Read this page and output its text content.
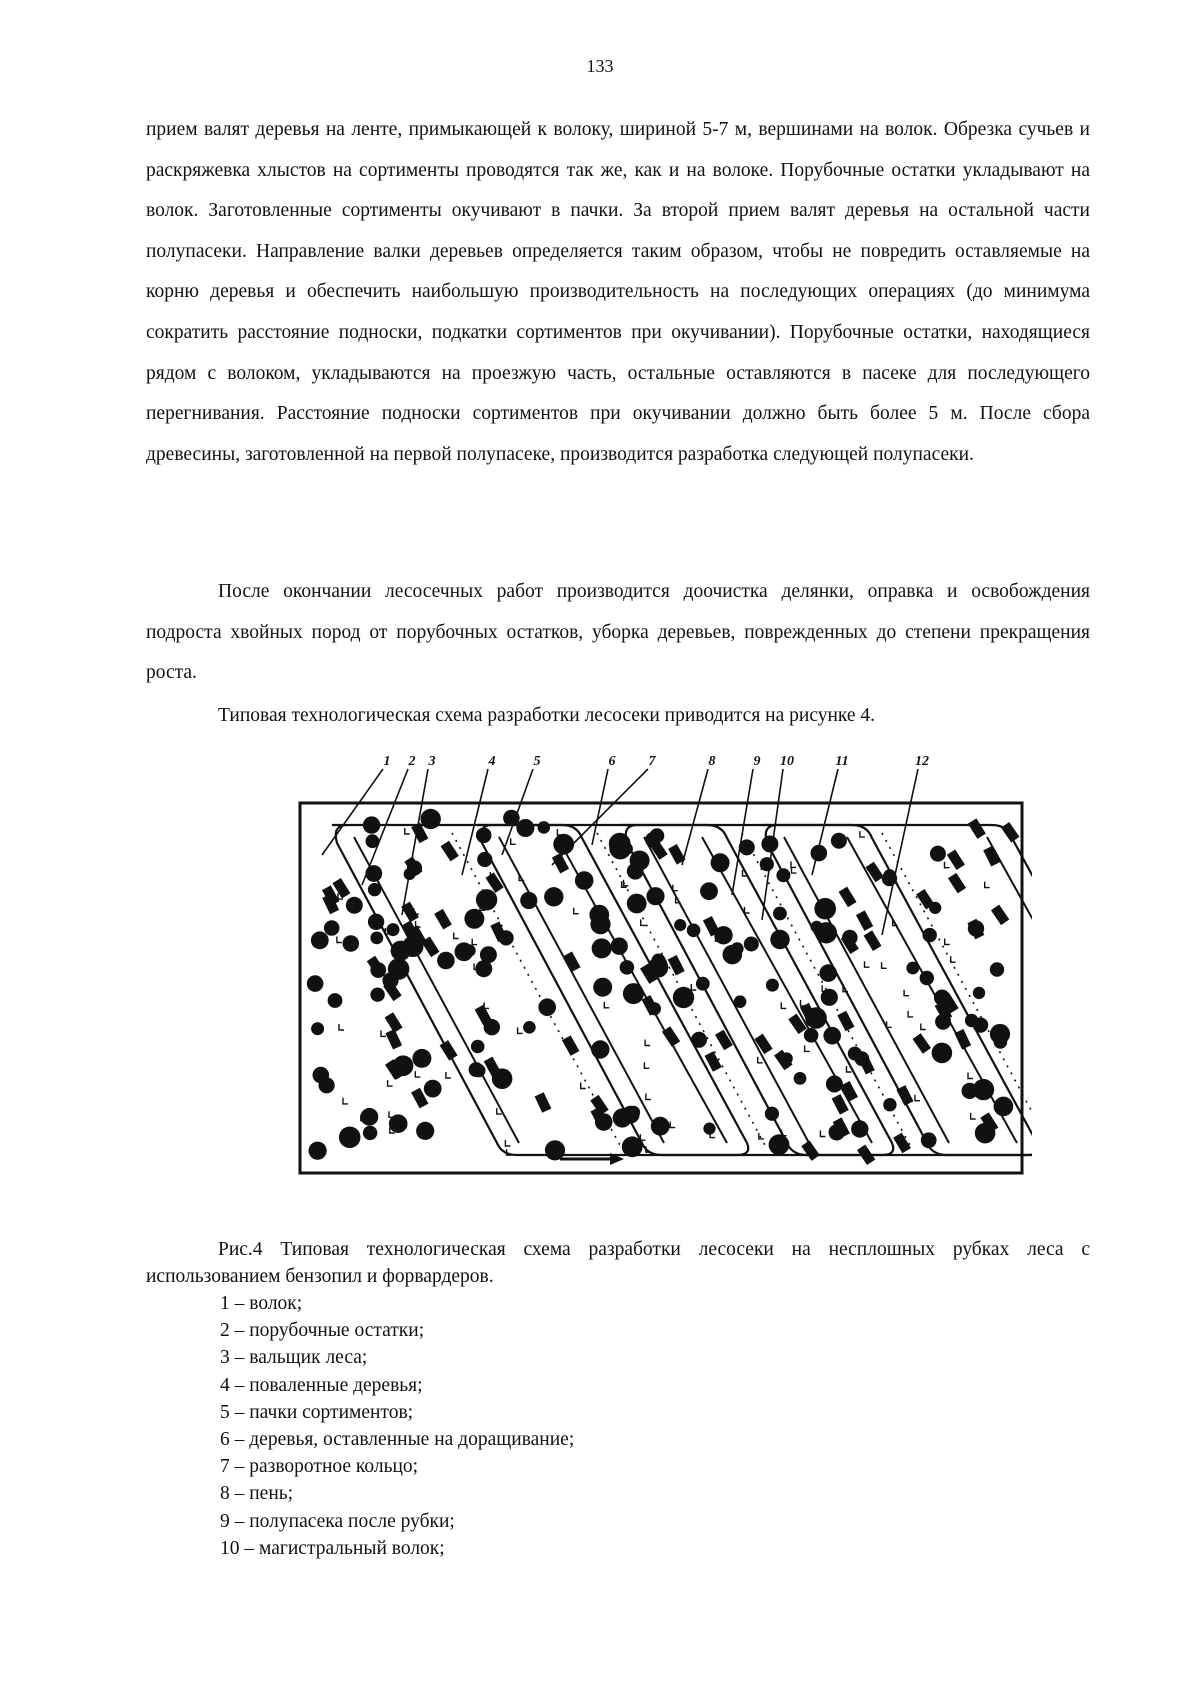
133

прием валят деревья на ленте, примыкающей к волоку, шириной 5-7 м, вершинами на волок. Обрезка сучьев и раскряжевка хлыстов на сортименты проводятся так же, как и на волоке. Порубочные остатки укладывают на волок. Заготовленные сортименты окучивают в пачки. За второй прием валят деревья на остальной части полупасеки. Направление валки деревьев определяется таким образом, чтобы не повредить оставляемые на корню деревья и обеспечить наибольшую производительность на последующих операциях (до минимума сократить расстояние подноски, подкатки сортиментов при окучивании). Порубочные остатки, находящиеся рядом с волоком, укладываются на проезжую часть, остальные оставляются в пасеке для последующего перегнивания. Расстояние подноски сортиментов при окучивании должно быть более 5 м. После сбора древесины, заготовленной на первой полупасеке, производится разработка следующей полупасеки.

После окончании лесосечных работ производится доочистка делянки, оправка и освобождения подроста хвойных пород от порубочных остатков, уборка деревьев, поврежденных до степени прекращения роста.

Типовая технологическая схема разработки лесосеки приводится на рисунке 4.

1 2 3	4	5	6 7	8	9 10	11	12

Рис.4 Типовая технологическая схема разработки лесосеки на несплошных рубках леса с использованием бензопил и форвардеров.

1 – волок;
2 – порубочные остатки;
3 – вальщик леса;
4 – поваленные деревья;
5 – пачки сортиментов;
6 – деревья, оставленные на доращивание;
7 – разворотное кольцо;
8 – пень;
9 – полупасека после рубки;
10 – магистральный волок;
